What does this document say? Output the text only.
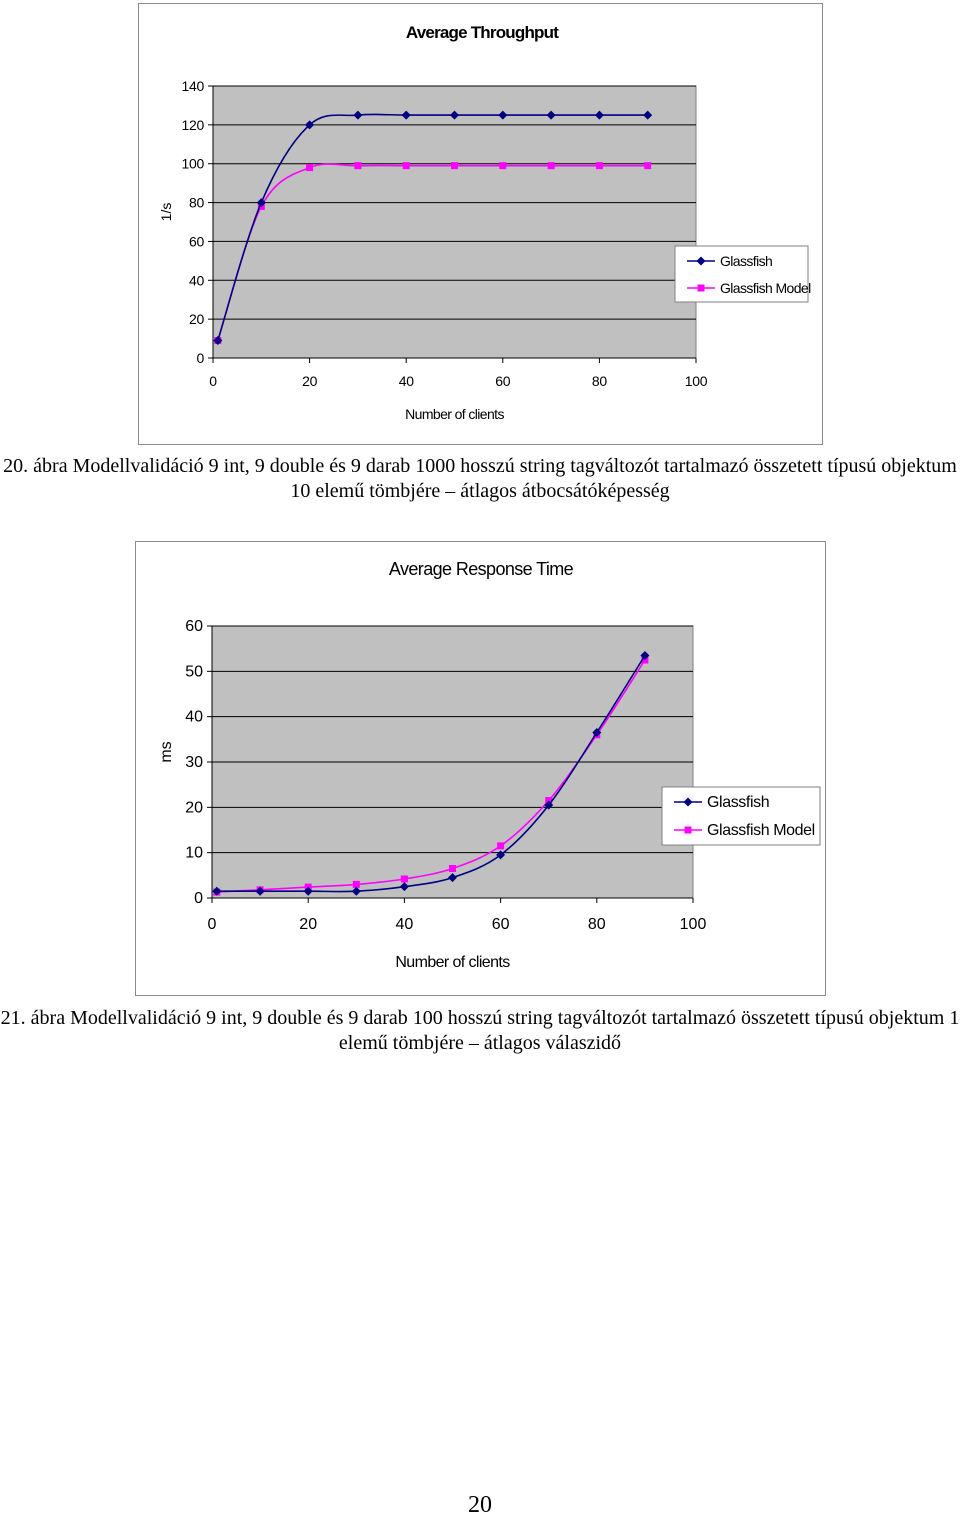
Average Throughput
0
20
40
60
80
100
120
140
0	20	40	60	80	100
Number of clients
1/s
Glassfish
Glassfish Model
20. ábra Modellvalidáció 9 int, 9 double és 9 darab 1000 hosszú string tagváltozót tartalmazó összetett típusú objektum 10 elemű tömbjére – átlagos átbocsátóképesség
Average Response Time
0
10
20
30
40
50
60
0	20	40	60	80	100
Number of clients
ms
Glassfish
Glassfish Model
21. ábra Modellvalidáció 9 int, 9 double és 9 darab 100 hosszú string tagváltozót tartalmazó összetett típusú objektum 1 elemű tömbjére – átlagos válaszidő
20
